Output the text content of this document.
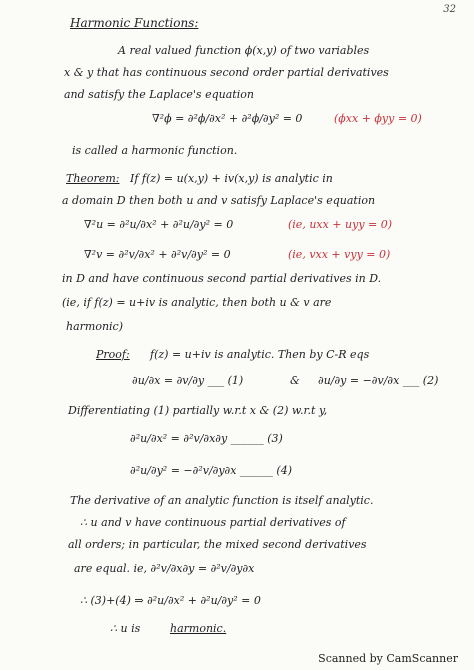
32
Harmonic Functions:
A real valued function ϕ(x,y) of two variables
x & y that has continuous second order partial derivatives
and satisfy the Laplace's equation
∇²ϕ = ∂²ϕ/∂x² + ∂²ϕ/∂y² = 0	(ϕxx + ϕyy = 0)
is called a harmonic function.
Theorem: If f(z) = u(x,y) + iv(x,y) is analytic in
a domain D then both u and v satisfy Laplace's equation
∇²u = ∂²u/∂x² + ∂²u/∂y² = 0	(ie, uxx + uyy = 0)
∇²v = ∂²v/∂x² + ∂²v/∂y² = 0	(ie, vxx + vyy = 0)
in D and have continuous second partial derivatives in D.
(ie, if f(z) = u+iv is analytic, then both u & v are
harmonic)
Proof: f(z) = u+iv is analytic. Then by C-R eqs
∂u/∂x = ∂v/∂y ___ (1)	& ∂u/∂y = −∂v/∂x ___ (2)
Differentiating (1) partially w.r.t x & (2) w.r.t y,
∂²u/∂x² = ∂²v/∂x∂y ______ (3)
∂²u/∂y² = −∂²v/∂y∂x ______ (4)
The derivative of an analytic function is itself analytic.
∴ u and v have continuous partial derivatives of
all orders; in particular, the mixed second derivatives
are equal. ie, ∂²v/∂x∂y = ∂²v/∂y∂x
∴ (3)+(4) ⇒ ∂²u/∂x² + ∂²u/∂y² = 0
∴ u is	harmonic.
Scanned by CamScanner
